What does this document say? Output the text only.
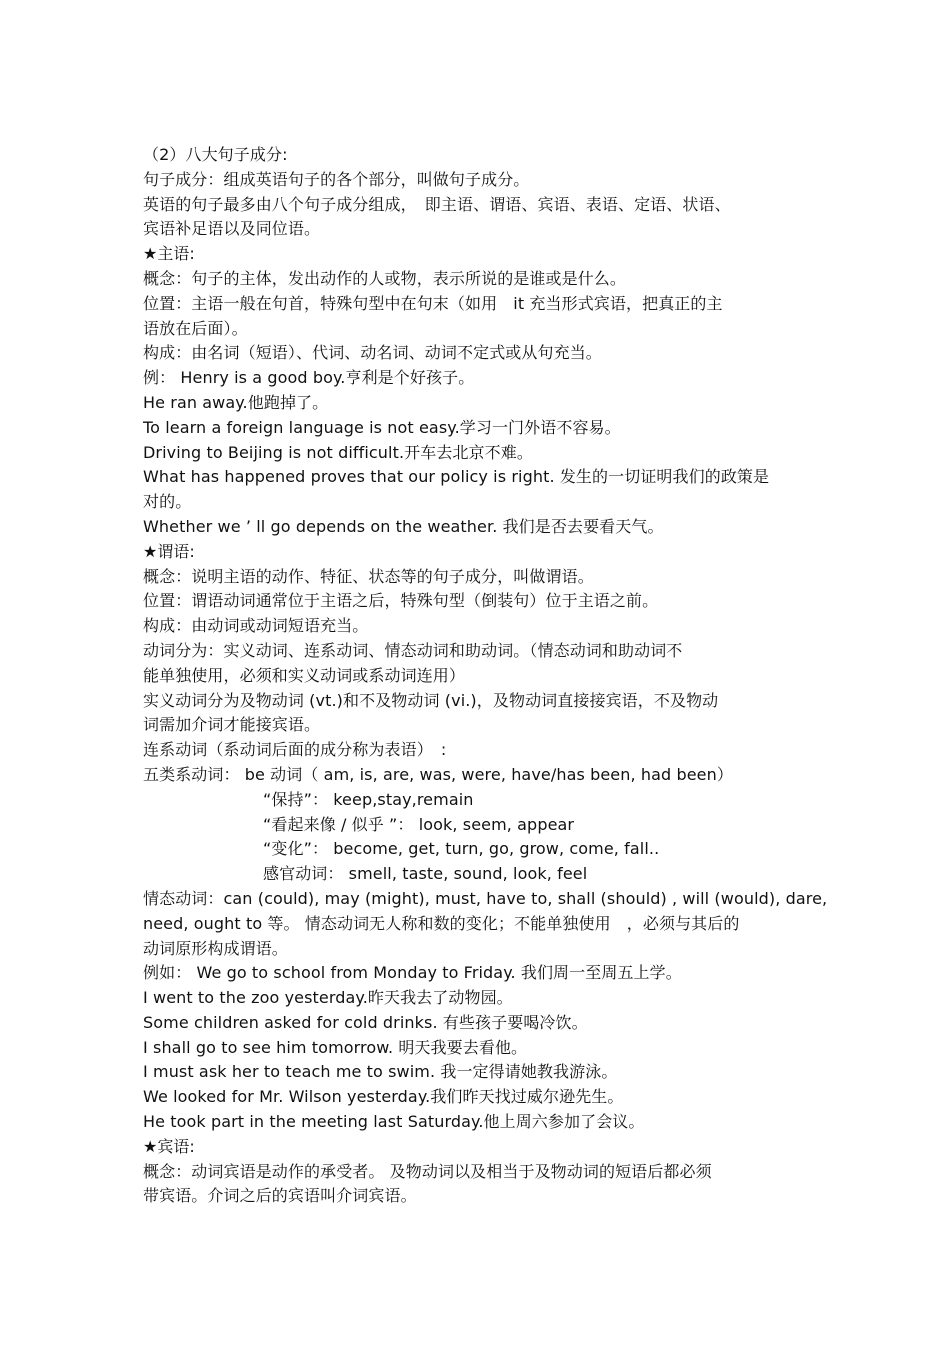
（2）八大句子成分:
句子成分：组成英语句子的各个部分，叫做句子成分。
英语的句子最多由八个句子成分组成，　即主语、谓语、宾语、表语、定语、状语、
宾语补足语以及同位语。
★主语:
概念：句子的主体，发出动作的人或物，表示所说的是谁或是什么。
位置：主语一般在句首，特殊句型中在句末（如用　it 充当形式宾语，把真正的主
语放在后面）。
构成：由名词（短语）、代词、动名词、动词不定式或从句充当。
例： Henry is a good boy.亨利是个好孩子。
He ran away.他跑掉了。
To learn a foreign language is not easy.学习一门外语不容易。
Driving to Beijing is not difficult.开车去北京不难。
What has happened proves that our policy is right. 发生的一切证明我们的政策是
对的。
Whether we ’ ll go depends on the weather. 我们是否去要看天气。
★谓语:
概念：说明主语的动作、特征、状态等的句子成分，叫做谓语。
位置：谓语动词通常位于主语之后，特殊句型（倒装句）位于主语之前。
构成：由动词或动词短语充当。
动词分为：实义动词、连系动词、情态动词和助动词。（情态动词和助动词不
能单独使用，必须和实义动词或系动词连用）
实义动词分为及物动词 (vt.)和不及物动词 (vi.)，及物动词直接接宾语，不及物动
词需加介词才能接宾语。
连系动词（系动词后面的成分称为表语）　:
五类系动词： be 动词（ am, is, are, was, were, have/has been, had been）
“保持”： keep,stay,remain
“看起来像 / 似乎 ”： look, seem, appear
“变化”： become, get, turn, go, grow, come, fall..
感官动词： smell, taste, sound, look, feel
情态动词：can (could), may (might), must, have to, shall (should) , will (would), dare,
need, ought to 等。 情态动词无人称和数的变化；不能单独使用　，必须与其后的
动词原形构成谓语。
例如： We go to school from Monday to Friday. 我们周一至周五上学。
I went to the zoo yesterday.昨天我去了动物园。
Some children asked for cold drinks. 有些孩子要喝冷饮。
I shall go to see him tomorrow. 明天我要去看他。
I must ask her to teach me to swim. 我一定得请她教我游泳。
We looked for Mr. Wilson yesterday.我们昨天找过威尔逊先生。
He took part in the meeting last Saturday.他上周六参加了会议。
★宾语:
概念：动词宾语是动作的承受者。 及物动词以及相当于及物动词的短语后都必须
带宾语。介词之后的宾语叫介词宾语。
